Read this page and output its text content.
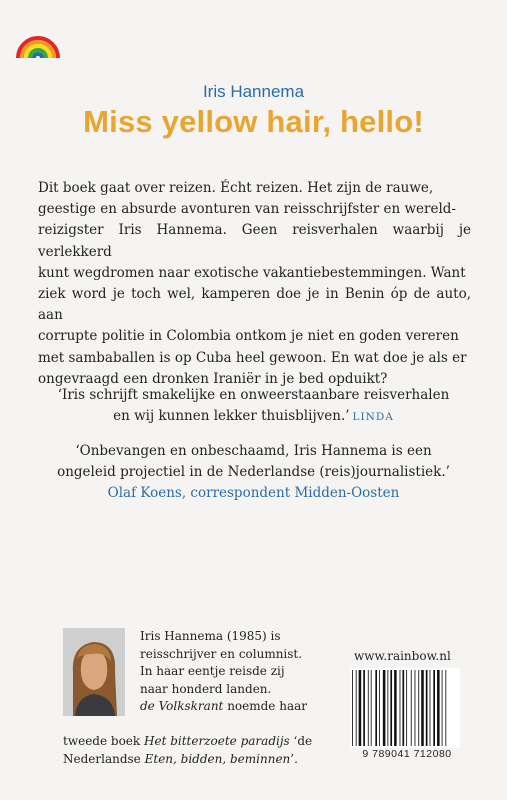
Iris Hannema
Miss yellow hair, hello!
Dit boek gaat over reizen. Écht reizen. Het zijn de rauwe,
geestige en absurde avonturen van reisschrijfster en wereld-
reizigster Iris Hannema. Geen reisverhalen waarbij je verlekkerd
kunt wegdromen naar exotische vakantiebestemmingen. Want
ziek word je toch wel, kamperen doe je in Benin óp de auto, aan
corrupte politie in Colombia ontkom je niet en goden vereren
met sambaballen is op Cuba heel gewoon. En wat doe je als er
ongevraagd een dronken Iraniër in je bed opduikt?
‘Iris schrijft smakelijke en onweerstaanbare reisverhalen
en wij kunnen lekker thuisblijven.’ LINDA
‘Onbevangen en onbeschaamd, Iris Hannema is een
ongeleid projectiel in de Nederlandse (reis)journalistiek.’
Olaf Koens, correspondent Midden-Oosten
Iris Hannema (1985) is
reisschrijver en columnist.
In haar eentje reisde zij
naar honderd landen.
de Volkskrant noemde haar
tweede boek Het bitterzoete paradijs ‘de
Nederlandse Eten, bidden, beminnen’.
www.rainbow.nl
9 789041 712080
